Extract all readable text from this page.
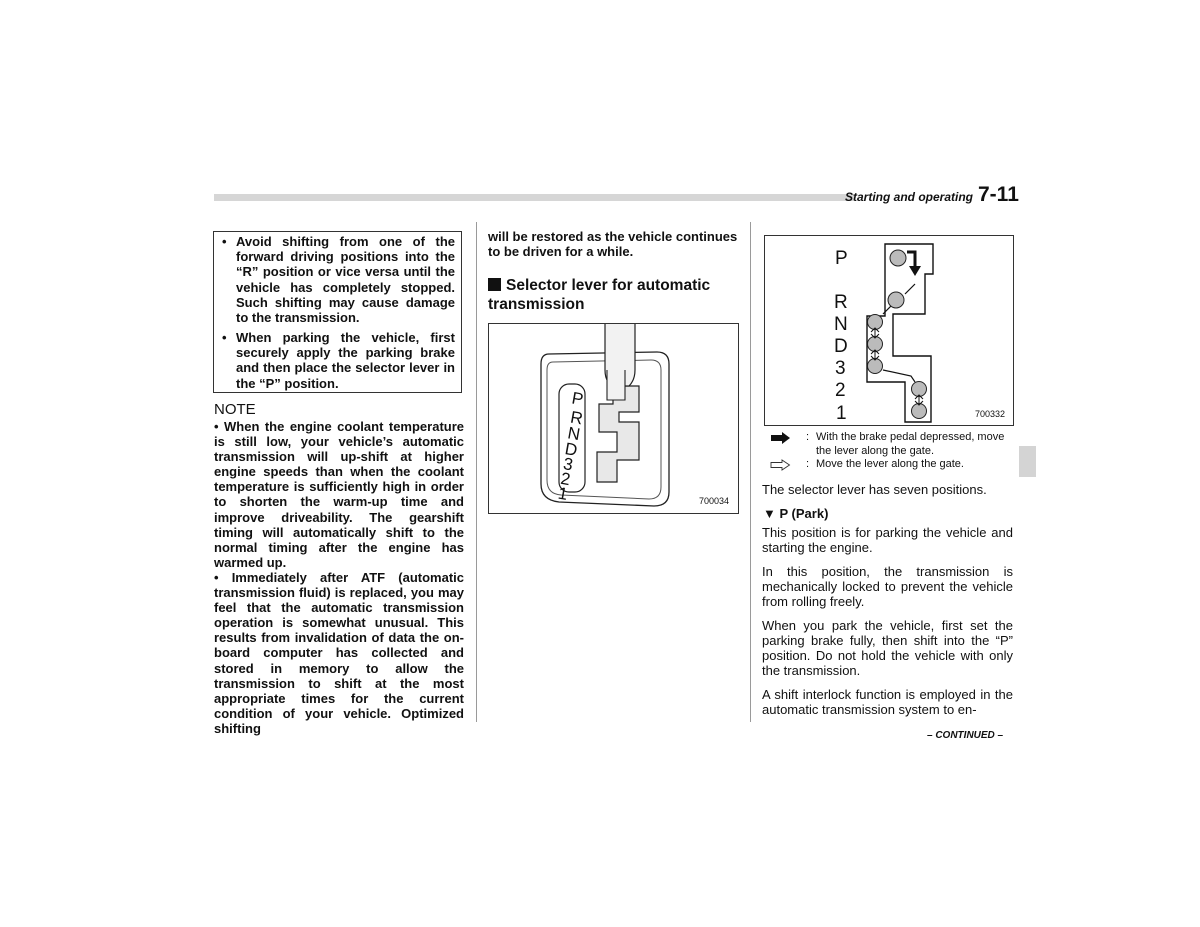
Starting and operating 7-11
• Avoid shifting from one of the forward driving positions into the “R” position or vice versa until the vehicle has completely stopped. Such shifting may cause damage to the transmission.
• When parking the vehicle, first securely apply the parking brake and then place the selector lever in the “P” position.
NOTE
• When the engine coolant temperature is still low, your vehicle’s automatic transmission will up-shift at higher engine speeds than when the coolant temperature is sufficiently high in order to shorten the warm-up time and improve driveability. The gearshift timing will automatically shift to the normal timing after the engine has warmed up.
• Immediately after ATF (automatic transmission fluid) is replaced, you may feel that the automatic transmission operation is somewhat unusual. This results from invalidation of data the on-board computer has collected and stored in memory to allow the transmission to shift at the most appropriate times for the current condition of your vehicle. Optimized shifting
will be restored as the vehicle continues to be driven for a while.
Selector lever for automatic transmission
P
R
N
D
3
2
1	700034
P
R
N
D
3
2
1	700332
: With the brake pedal depressed, move the lever along the gate.
: Move the lever along the gate.
The selector lever has seven positions.
▼ P (Park)
This position is for parking the vehicle and starting the engine.
In this position, the transmission is mechanically locked to prevent the vehicle from rolling freely.
When you park the vehicle, first set the parking brake fully, then shift into the “P” position. Do not hold the vehicle with only the transmission.
A shift interlock function is employed in the automatic transmission system to en-
– CONTINUED –
